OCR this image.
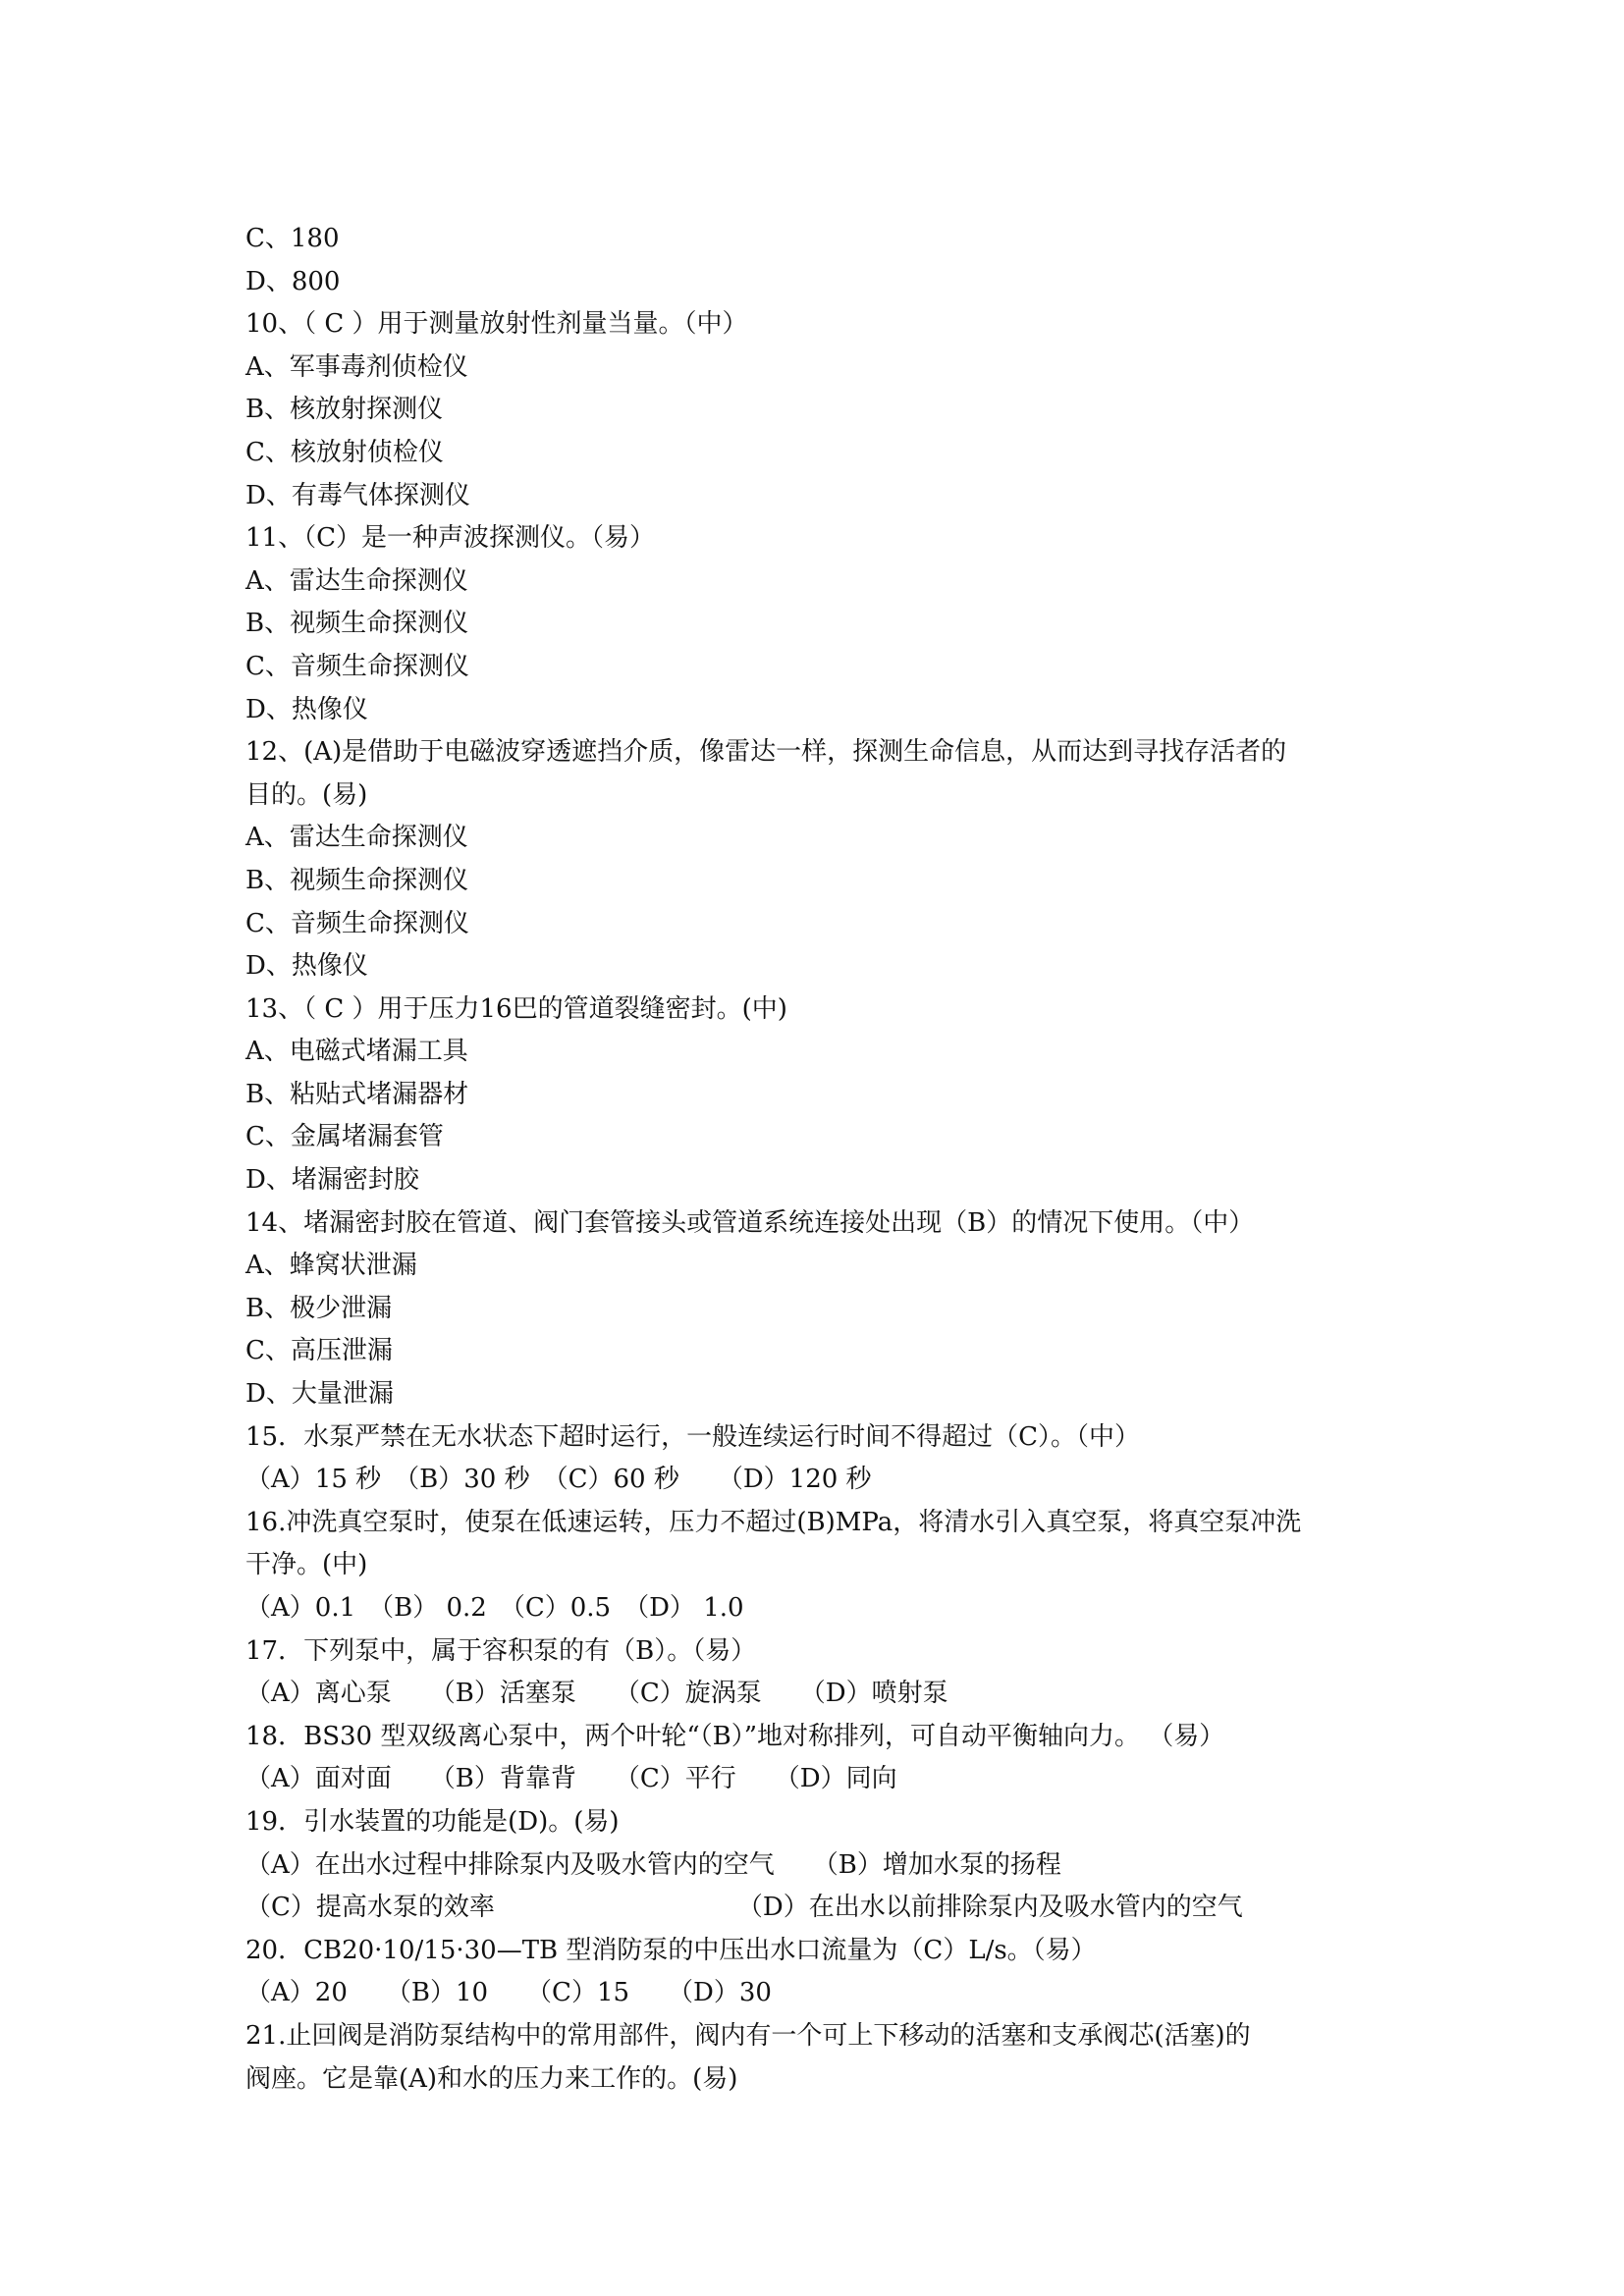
C、180
D、800
10、（ C ）用于测量放射性剂量当量。（中）
A、军事毒剂侦检仪
B、核放射探测仪
C、核放射侦检仪
D、有毒气体探测仪
11、（C）是一种声波探测仪。（易）
A、雷达生命探测仪
B、视频生命探测仪
C、音频生命探测仪
D、热像仪
12、(A)是借助于电磁波穿透遮挡介质，像雷达一样，探测生命信息，从而达到寻找存活者的
目的。(易)
A、雷达生命探测仪
B、视频生命探测仪
C、音频生命探测仪
D、热像仪
13、（ C ）用于压力16巴的管道裂缝密封。(中)
A、电磁式堵漏工具
B、粘贴式堵漏器材
C、金属堵漏套管
D、堵漏密封胶
14、堵漏密封胶在管道、阀门套管接头或管道系统连接处出现（B）的情况下使用。（中）
A、蜂窝状泄漏
B、极少泄漏
C、高压泄漏
D、大量泄漏
15．水泵严禁在无水状态下超时运行，一般连续运行时间不得超过（C）。（中）
（A）15 秒　（B）30 秒　（C）60 秒　　（D）120 秒
16.冲洗真空泵时，使泵在低速运转，压力不超过(B)MPa，将清水引入真空泵，将真空泵冲洗
干净。(中)
（A）0.1　（B） 0.2　（C）0.5　（D） 1.0
17．下列泵中，属于容积泵的有（B）。（易）
（A）离心泵　　（B）活塞泵　　（C）旋涡泵　　（D）喷射泵
18．BS30 型双级离心泵中，两个叶轮“（B）”地对称排列，可自动平衡轴向力。 （易）
（A）面对面　　（B）背靠背　　（C）平行　　（D）同向
19．引水装置的功能是(D)。(易)
（A）在出水过程中排除泵内及吸水管内的空气　　（B）增加水泵的扬程
（C）提高水泵的效率　　　　　　　　　　（D）在出水以前排除泵内及吸水管内的空气
20．CB20·10/15·30—TB 型消防泵的中压出水口流量为（C）L/s。（易）
（A）20　　（B）10　　（C）15　　（D）30
21.止回阀是消防泵结构中的常用部件，阀内有一个可上下移动的活塞和支承阀芯(活塞)的
阀座。它是靠(A)和水的压力来工作的。(易)
